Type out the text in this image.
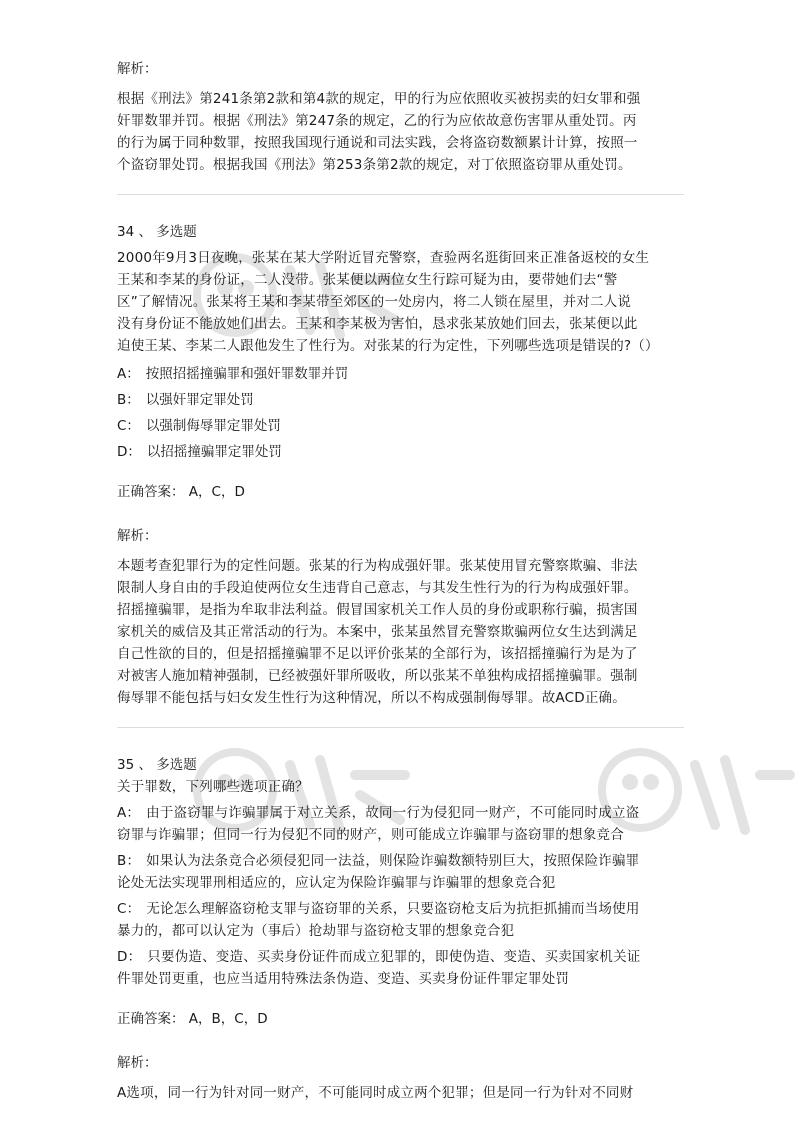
解析：

根据《刑法》第241条第2款和第4款的规定，甲的行为应依照收买被拐卖的妇女罪和强

奸罪数罪并罚。根据《刑法》第247条的规定，乙的行为应依故意伤害罪从重处罚。丙

的行为属于同种数罪，按照我国现行通说和司法实践，会将盗窃数额累计计算，按照一

个盗窃罪处罚。根据我国《刑法》第253条第2款的规定，对丁依照盗窃罪从重处罚。

34 、 多选题

2000年9月3日夜晚，张某在某大学附近冒充警察，查验两名逛街回来正准备返校的女生

王某和李某的身份证，二人没带。张某便以两位女生行踪可疑为由，要带她们去“警

区”了解情况。张某将王某和李某带至郊区的一处房内，将二人锁在屋里，并对二人说

没有身份证不能放她们出去。王某和李某极为害怕，恳求张某放她们回去，张某便以此

迫使王某、李某二人跟他发生了性行为。对张某的行为定性，下列哪些选项是错误的?（）

A： 按照招摇撞骗罪和强奸罪数罪并罚

B： 以强奸罪定罪处罚

C： 以强制侮辱罪定罪处罚

D： 以招摇撞骗罪定罪处罚

正确答案： A，C，D

解析：

本题考查犯罪行为的定性问题。张某的行为构成强奸罪。张某使用冒充警察欺骗、非法

限制人身自由的手段迫使两位女生违背自己意志，与其发生性行为的行为构成强奸罪。

招摇撞骗罪，是指为牟取非法利益。假冒国家机关工作人员的身份或职称行骗，损害国

家机关的威信及其正常活动的行为。本案中，张某虽然冒充警察欺骗两位女生达到满足

自己性欲的目的，但是招摇撞骗罪不足以评价张某的全部行为，该招摇撞骗行为是为了

对被害人施加精神强制，已经被强奸罪所吸收，所以张某不单独构成招摇撞骗罪。强制

侮辱罪不能包括与妇女发生性行为这种情况，所以不构成强制侮辱罪。故ACD正确。

35 、 多选题

关于罪数，下列哪些选项正确？

A： 由于盗窃罪与诈骗罪属于对立关系，故同一行为侵犯同一财产，不可能同时成立盗

窃罪与诈骗罪；但同一行为侵犯不同的财产，则可能成立诈骗罪与盗窃罪的想象竞合

B： 如果认为法条竞合必须侵犯同一法益，则保险诈骗数额特别巨大，按照保险诈骗罪

论处无法实现罪刑相适应的，应认定为保险诈骗罪与诈骗罪的想象竞合犯

C： 无论怎么理解盗窃枪支罪与盗窃罪的关系，只要盗窃枪支后为抗拒抓捕而当场使用

暴力的，都可以认定为（事后）抢劫罪与盗窃枪支罪的想象竞合犯

D： 只要伪造、变造、买卖身份证件而成立犯罪的，即使伪造、变造、买卖国家机关证

件罪处罚更重，也应当适用特殊法条伪造、变造、买卖身份证件罪定罪处罚

正确答案： A，B，C，D

解析：

A选项，同一行为针对同一财产，不可能同时成立两个犯罪；但是同一行为针对不同财
